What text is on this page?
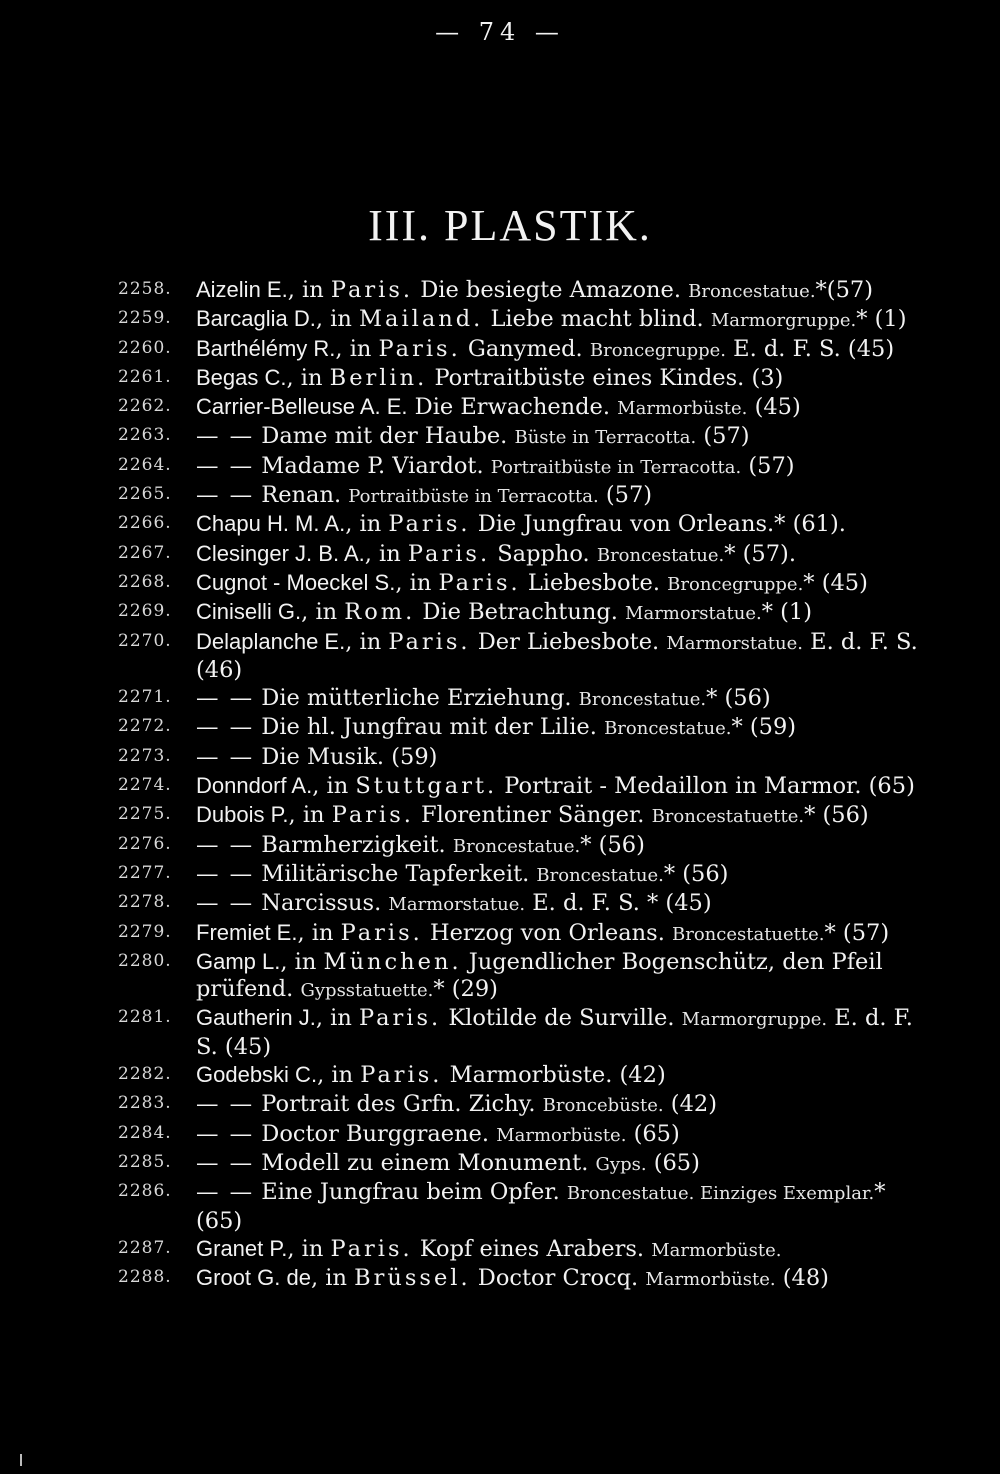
— 74 —
III. PLASTIK.
2258.	Aizelin E., in Paris. Die besiegte Amazone. Broncestatue.*(57)
2259.	Barcaglia D., in Mailand. Liebe macht blind. Marmorgruppe.* (1)
2260.	Barthélémy R., in Paris. Ganymed. Broncegruppe. E. d. F. S. (45)
2261.	Begas C., in Berlin. Portraitbüste eines Kindes. (3)
2262.	Carrier-Belleuse A. E. Die Erwachende. Marmorbüste. (45)
2263.	— — Dame mit der Haube. Büste in Terracotta. (57)
2264.	— — Madame P. Viardot. Portraitbüste in Terracotta. (57)
2265.	— — Renan. Portraitbüste in Terracotta. (57)
2266.	Chapu H. M. A., in Paris. Die Jungfrau von Orleans.* (61).
2267.	Clesinger J. B. A., in Paris. Sappho. Broncestatue.* (57).
2268.	Cugnot - Moeckel S., in Paris. Liebesbote. Broncegruppe.* (45)
2269.	Ciniselli G., in Rom. Die Betrachtung. Marmorstatue.* (1)
2270.	Delaplanche E., in Paris. Der Liebesbote. Marmorstatue. E. d. F. S. (46)
2271.	— — Die mütterliche Erziehung. Broncestatue.* (56)
2272.	— — Die hl. Jungfrau mit der Lilie. Broncestatue.* (59)
2273.	— — Die Musik. (59)
2274.	Donndorf A., in Stuttgart. Portrait - Medaillon in Marmor. (65)
2275.	Dubois P., in Paris. Florentiner Sänger. Broncestatuette.* (56)
2276.	— — Barmherzigkeit. Broncestatue.* (56)
2277.	— — Militärische Tapferkeit. Broncestatue.* (56)
2278.	— — Narcissus. Marmorstatue. E. d. F. S. * (45)
2279.	Fremiet E., in Paris. Herzog von Orleans. Broncestatuette.* (57)
2280.	Gamp L., in München. Jugendlicher Bogenschütz, den Pfeil prüfend. Gypsstatuette.* (29)
2281.	Gautherin J., in Paris. Klotilde de Surville. Marmorgruppe. E. d. F. S. (45)
2282.	Godebski C., in Paris. Marmorbüste. (42)
2283.	— — Portrait des Grfn. Zichy. Broncebüste. (42)
2284.	— — Doctor Burggraene. Marmorbüste. (65)
2285.	— — Modell zu einem Monument. Gyps. (65)
2286.	— — Eine Jungfrau beim Opfer. Broncestatue. Einziges Exemplar.* (65)
2287.	Granet P., in Paris. Kopf eines Arabers. Marmorbüste.
2288.	Groot G. de, in Brüssel. Doctor Crocq. Marmorbüste. (48)
